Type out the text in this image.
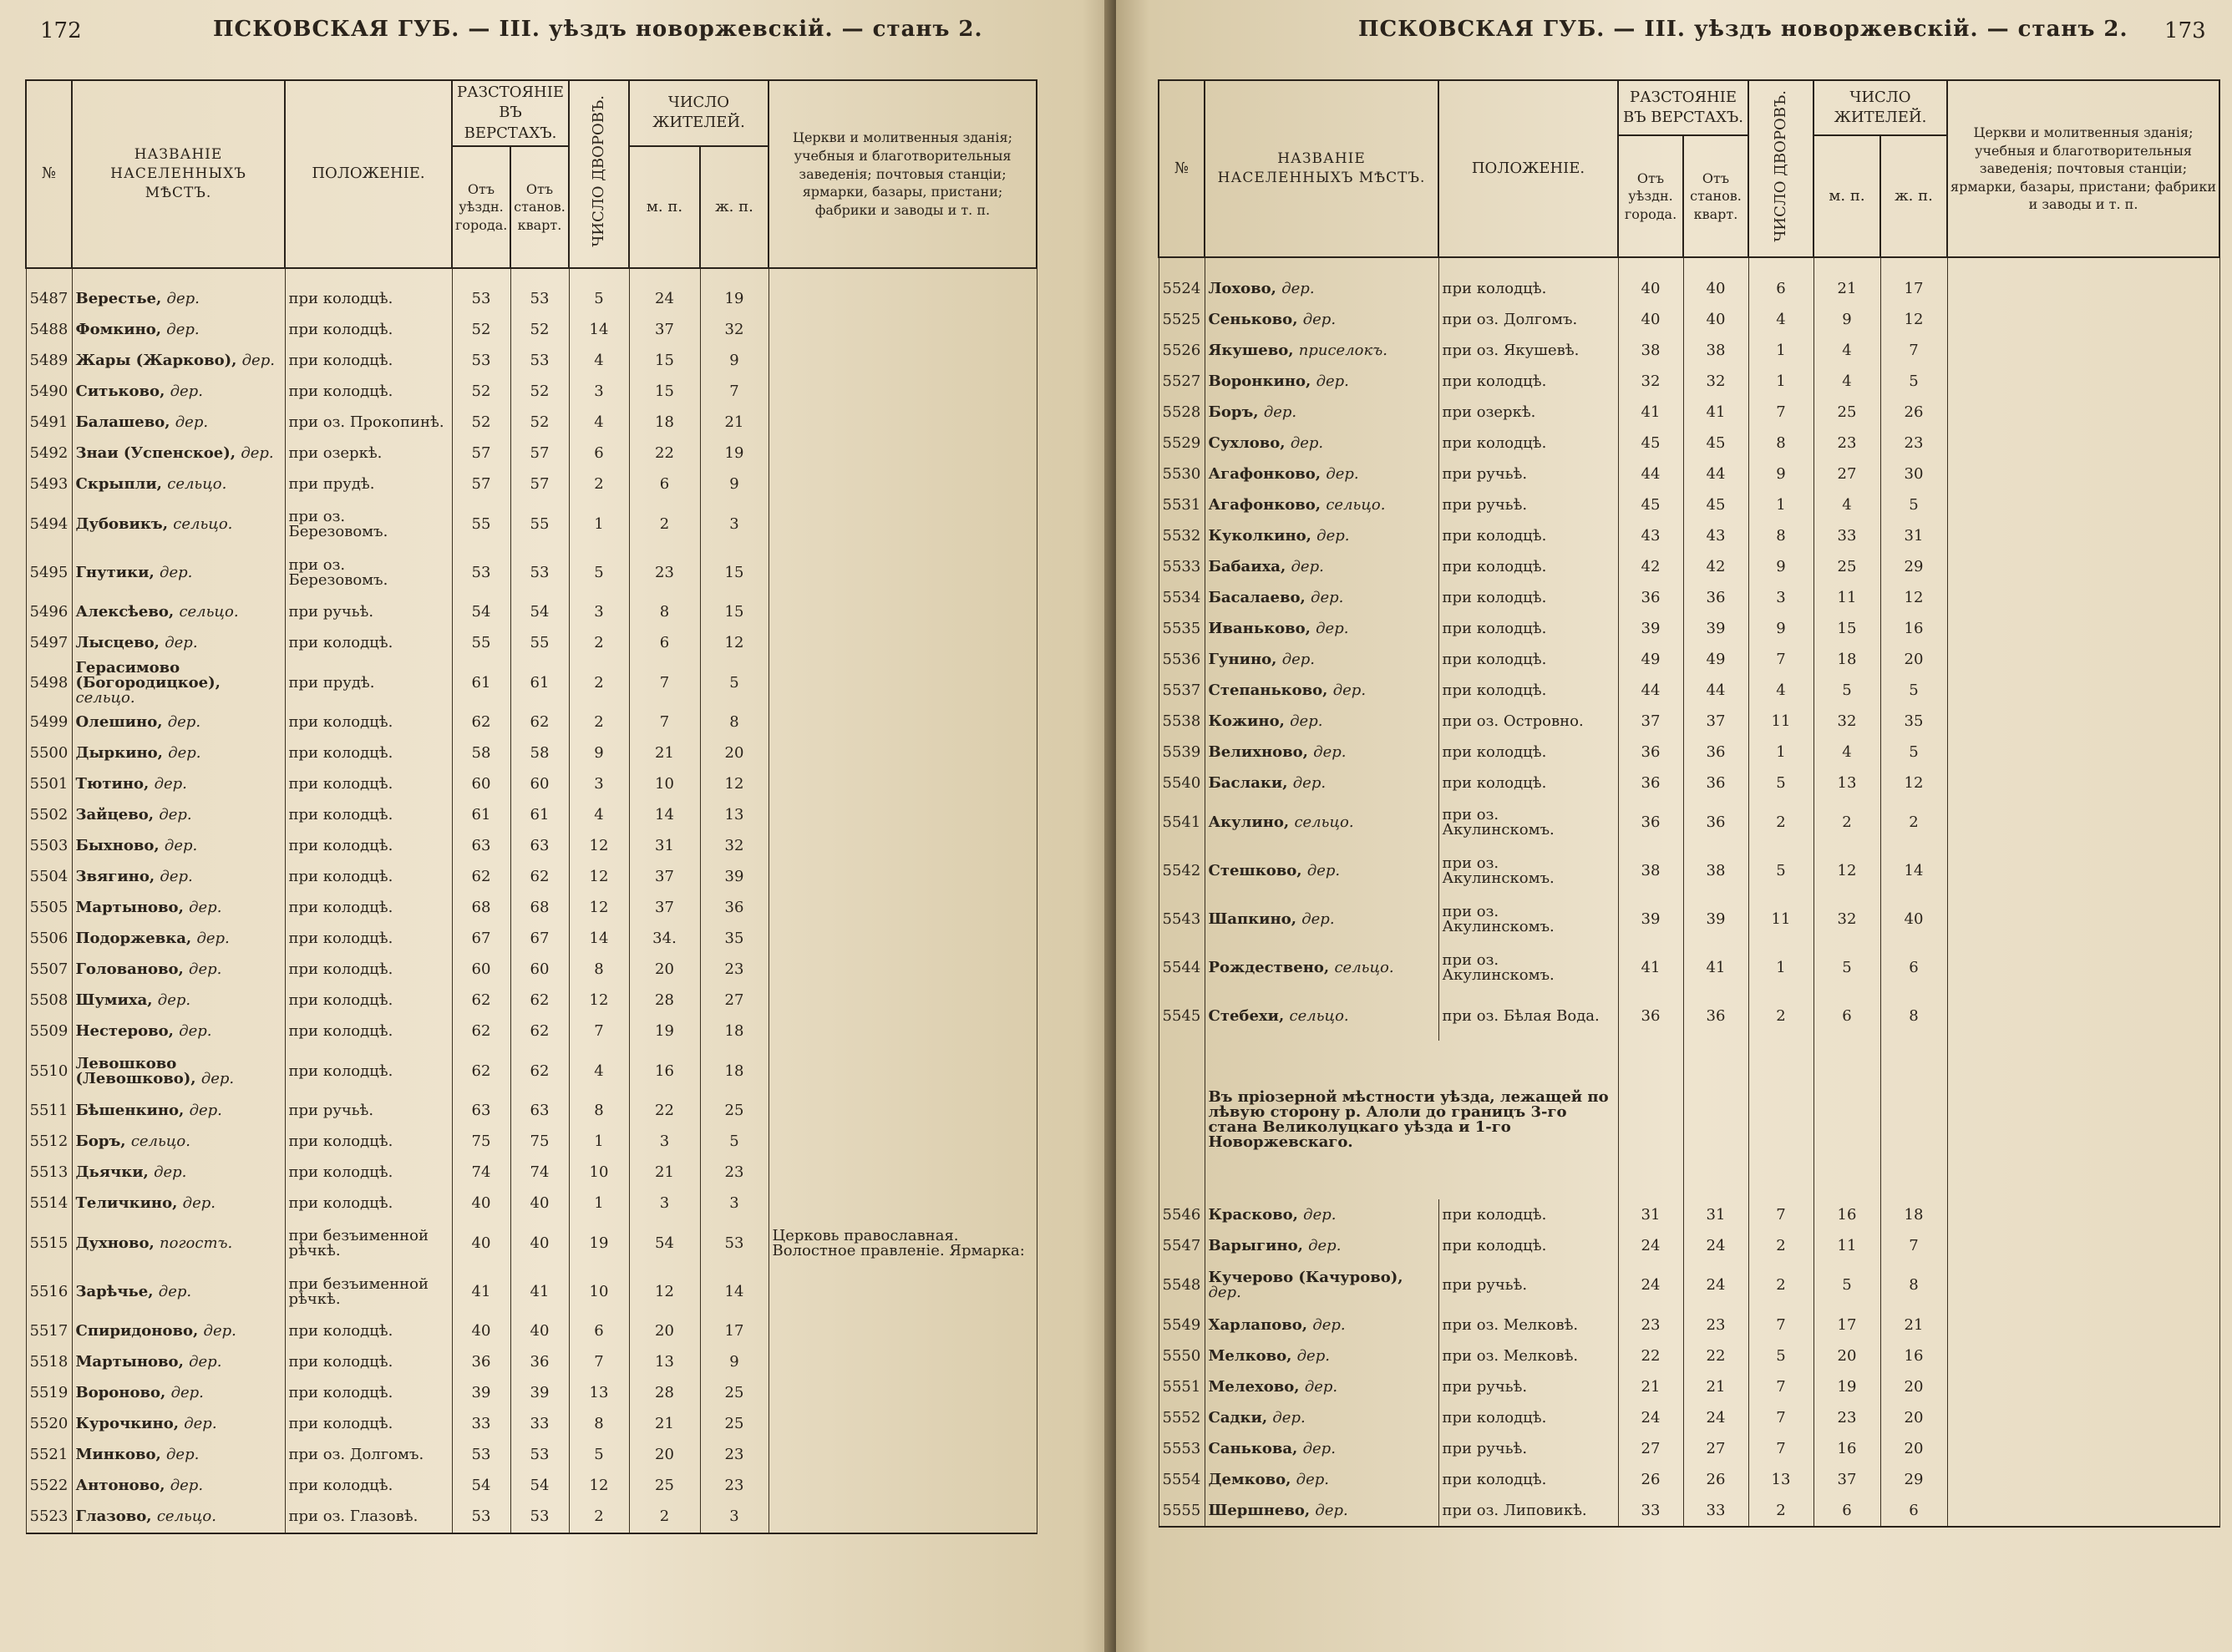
172	ПСКОВСКАЯ ГУБ. — III. уѣздъ новоржевскій. — станъ 2.
№	НАЗВАНІЕ НАСЕЛЕННЫХЪ МѢСТЪ.	ПОЛОЖЕНІЕ.	РАЗСТОЯНІЕ ВЪ ВЕРСТАХЪ.		ЧИСЛО ДВОРОВЪ.	ЧИСЛО ЖИТЕЛЕЙ.		Церкви и молитвенныя зданія; учебныя и благотворительныя заведенія; почтовыя станціи; ярмарки, базары, пристани; фабрики и заводы и т. п.
			Отъ уѣздн. города.	Отъ станов. кварт.		м. п.	ж. п.	

5487	Верестье, дер.	при колодцѣ.	53	53	5	24	19	
5488	Фомкино, дер.	при колодцѣ.	52	52	14	37	32	
5489	Жары (Жарково), дер.	при колодцѣ.	53	53	4	15	9	
5490	Ситьково, дер.	при колодцѣ.	52	52	3	15	7	
5491	Балашево, дер.	при оз. Прокопинѣ.	52	52	4	18	21	
5492	Знаи (Успенское), дер.	при озеркѣ.	57	57	6	22	19	
5493	Скрыпли, сельцо.	при прудѣ.	57	57	2	6	9	
5494	Дубовикъ, сельцо.	при оз. Березовомъ.	55	55	1	2	3	
5495	Гнутики, дер.	при оз. Березовомъ.	53	53	5	23	15	
5496	Алексѣево, сельцо.	при ручьѣ.	54	54	3	8	15	
5497	Лысцево, дер.	при колодцѣ.	55	55	2	6	12	
5498	Герасимово (Богородицкое), сельцо.	при прудѣ.	61	61	2	7	5	
5499	Олешино, дер.	при колодцѣ.	62	62	2	7	8	
5500	Дыркино, дер.	при колодцѣ.	58	58	9	21	20	
5501	Тютино, дер.	при колодцѣ.	60	60	3	10	12	
5502	Зайцево, дер.	при колодцѣ.	61	61	4	14	13	
5503	Быхново, дер.	при колодцѣ.	63	63	12	31	32	
5504	Звягино, дер.	при колодцѣ.	62	62	12	37	39	
5505	Мартыново, дер.	при колодцѣ.	68	68	12	37	36	
5506	Подоржевка, дер.	при колодцѣ.	67	67	14	34.	35	
5507	Голованово, дер.	при колодцѣ.	60	60	8	20	23	
5508	Шумиха, дер.	при колодцѣ.	62	62	12	28	27	
5509	Нестерово, дер.	при колодцѣ.	62	62	7	19	18	
5510	Левошково (Левошково), дер.	при колодцѣ.	62	62	4	16	18	
5511	Бѣшенкино, дер.	при ручьѣ.	63	63	8	22	25	
5512	Боръ, сельцо.	при колодцѣ.	75	75	1	3	5	
5513	Дьячки, дер.	при колодцѣ.	74	74	10	21	23	
5514	Теличкино, дер.	при колодцѣ.	40	40	1	3	3	
5515	Духново, погостъ.	при безъименной рѣчкѣ.	40	40	19	54	53	Церковь православная. Волостное правленіе. Ярмарка:
5516	Зарѣчье, дер.	при безъименной рѣчкѣ.	41	41	10	12	14	
5517	Спиридоново, дер.	при колодцѣ.	40	40	6	20	17	
5518	Мартыново, дер.	при колодцѣ.	36	36	7	13	9	
5519	Вороново, дер.	при колодцѣ.	39	39	13	28	25	
5520	Курочкино, дер.	при колодцѣ.	33	33	8	21	25	
5521	Минково, дер.	при оз. Долгомъ.	53	53	5	20	23	
5522	Антоново, дер.	при колодцѣ.	54	54	12	25	23	
5523	Глазово, сельцо.	при оз. Глазовѣ.	53	53	2	2	3	
ПСКОВСКАЯ ГУБ. — III. уѣздъ новоржевскій. — станъ 2. 173
№	НАЗВАНІЕ НАСЕЛЕННЫХЪ МѢСТЪ.	ПОЛОЖЕНІЕ.	РАЗСТОЯНІЕ ВЪ ВЕРСТАХЪ.		ЧИСЛО ДВОРОВЪ.	ЧИСЛО ЖИТЕЛЕЙ.		Церкви и молитвенныя зданія; учебныя и благотворительныя заведенія; почтовыя станціи; ярмарки, базары, пристани; фабрики и заводы и т. п.
			Отъ уѣздн. города.	Отъ станов. кварт.		м. п.	ж. п.	

5524	Лохово, дер.	при колодцѣ.	40	40	6	21	17	
5525	Сеньково, дер.	при оз. Долгомъ.	40	40	4	9	12	
5526	Якушево, приселокъ.	при оз. Якушевѣ.	38	38	1	4	7	
5527	Воронкино, дер.	при колодцѣ.	32	32	1	4	5	
5528	Боръ, дер.	при озеркѣ.	41	41	7	25	26	
5529	Сухлово, дер.	при колодцѣ.	45	45	8	23	23	
5530	Агафонково, дер.	при ручьѣ.	44	44	9	27	30	
5531	Агафонково, сельцо.	при ручьѣ.	45	45	1	4	5	
5532	Куколкино, дер.	при колодцѣ.	43	43	8	33	31	
5533	Бабаиха, дер.	при колодцѣ.	42	42	9	25	29	
5534	Басалаево, дер.	при колодцѣ.	36	36	3	11	12	
5535	Иваньково, дер.	при колодцѣ.	39	39	9	15	16	
5536	Гунино, дер.	при колодцѣ.	49	49	7	18	20	
5537	Степаньково, дер.	при колодцѣ.	44	44	4	5	5	
5538	Кожино, дер.	при оз. Островно.	37	37	11	32	35	
5539	Велихново, дер.	при колодцѣ.	36	36	1	4	5	
5540	Баслаки, дер.	при колодцѣ.	36	36	5	13	12	
5541	Акулино, сельцо.	при оз. Акулинскомъ.	36	36	2	2	2	
5542	Стешково, дер.	при оз. Акулинскомъ.	38	38	5	12	14	
5543	Шапкино, дер.	при оз. Акулинскомъ.	39	39	11	32	40	
5544	Рождествено, сельцо.	при оз. Акулинскомъ.	41	41	1	5	6	
5545	Стебехи, сельцо.	при оз. Бѣлая Вода.	36	36	2	6	8	
	Въ пріозерной мѣстности уѣзда, лежащей по лѣвую сторону р. Алоли до границъ 3-го стана Великолуцкаго уѣзда и 1-го Новоржевскаго.							
5546	Красково, дер.	при колодцѣ.	31	31	7	16	18	
5547	Варыгино, дер.	при колодцѣ.	24	24	2	11	7	
5548	Кучерово (Качурово), дер.	при ручьѣ.	24	24	2	5	8	
5549	Харлапово, дер.	при оз. Мелковѣ.	23	23	7	17	21	
5550	Мелково, дер.	при оз. Мелковѣ.	22	22	5	20	16	
5551	Мелехово, дер.	при ручьѣ.	21	21	7	19	20	
5552	Садки, дер.	при колодцѣ.	24	24	7	23	20	
5553	Санькова, дер.	при ручьѣ.	27	27	7	16	20	
5554	Демково, дер.	при колодцѣ.	26	26	13	37	29	
5555	Шершнево, дер.	при оз. Липовикѣ.	33	33	2	6	6	
